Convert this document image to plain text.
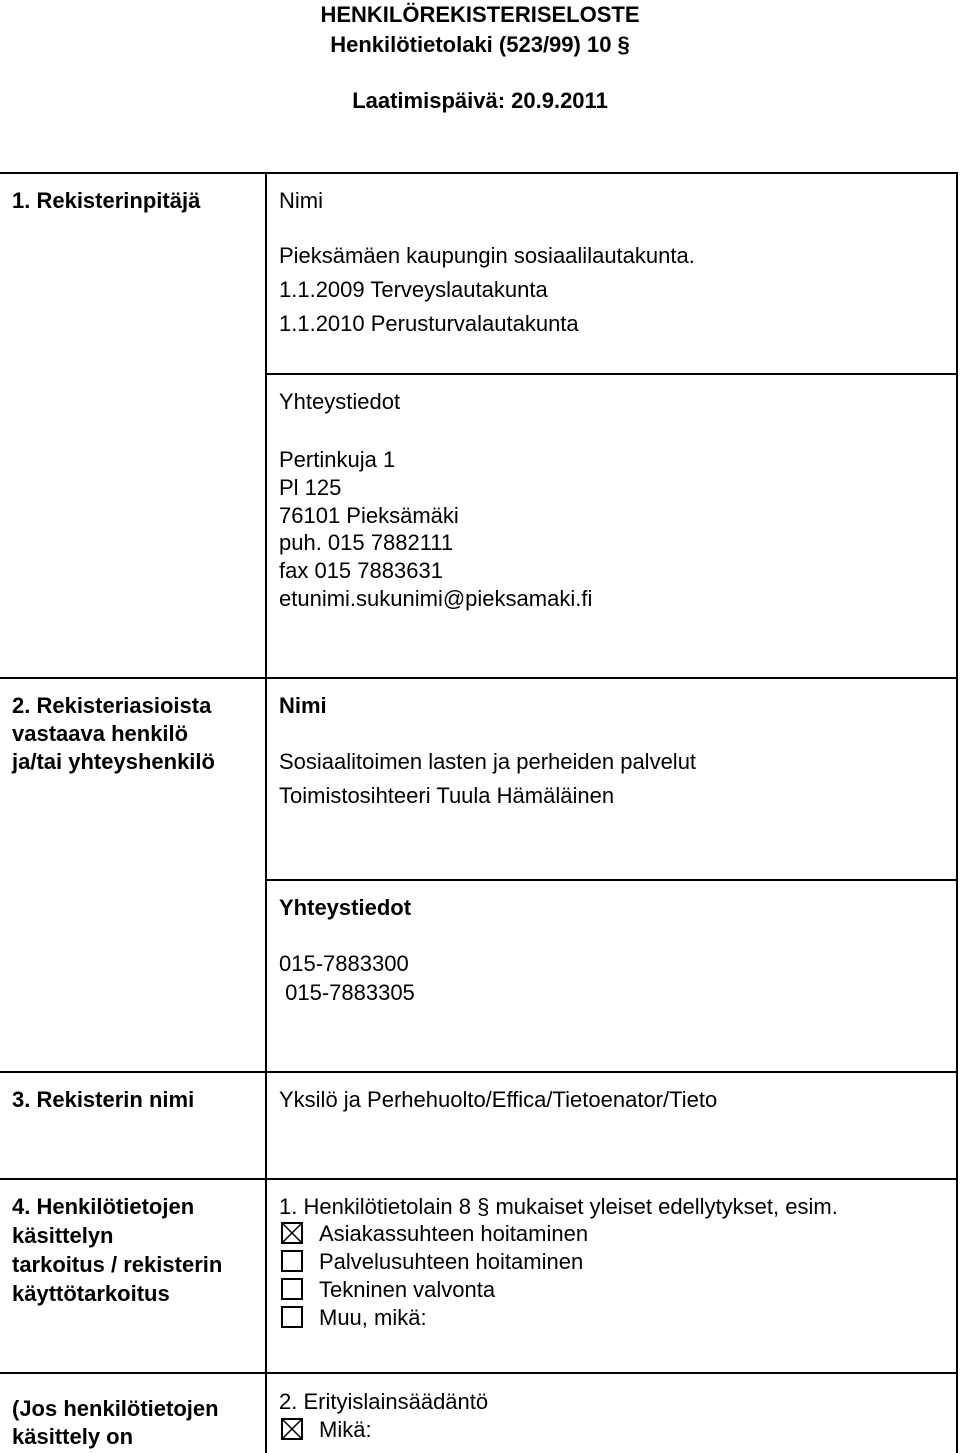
HENKILÖREKISTERISELOSTE
Henkilötietolaki (523/99) 10 §
Laatimispäivä: 20.9.2011
1. Rekisterinpitäjä	Nimi
Pieksämäen kaupungin sosiaalilautakunta.
1.1.2009 Terveyslautakunta
1.1.2010 Perusturvalautakunta
Yhteystiedot
Pertinkuja 1
Pl 125
76101 Pieksämäki
puh. 015 7882111
fax 015 7883631
etunimi.sukunimi@pieksamaki.fi
2. Rekisteriasioista
vastaava henkilö
ja/tai yhteyshenkilö
Nimi
Sosiaalitoimen lasten ja perheiden palvelut
Toimistosihteeri Tuula Hämäläinen
Yhteystiedot
015-7883300
015-7883305
3. Rekisterin nimi	Yksilö ja Perhehuolto/Effica/Tietoenator/Tieto
4. Henkilötietojen
käsittelyn
tarkoitus / rekisterin
käyttötarkoitus
1. Henkilötietolain 8 § mukaiset yleiset edellytykset, esim.
Asiakassuhteen hoitaminen
Palvelusuhteen hoitaminen
Tekninen valvonta
Muu, mikä:
(Jos henkilötietojen
käsittely on
2. Erityislainsäädäntö
Mikä:
